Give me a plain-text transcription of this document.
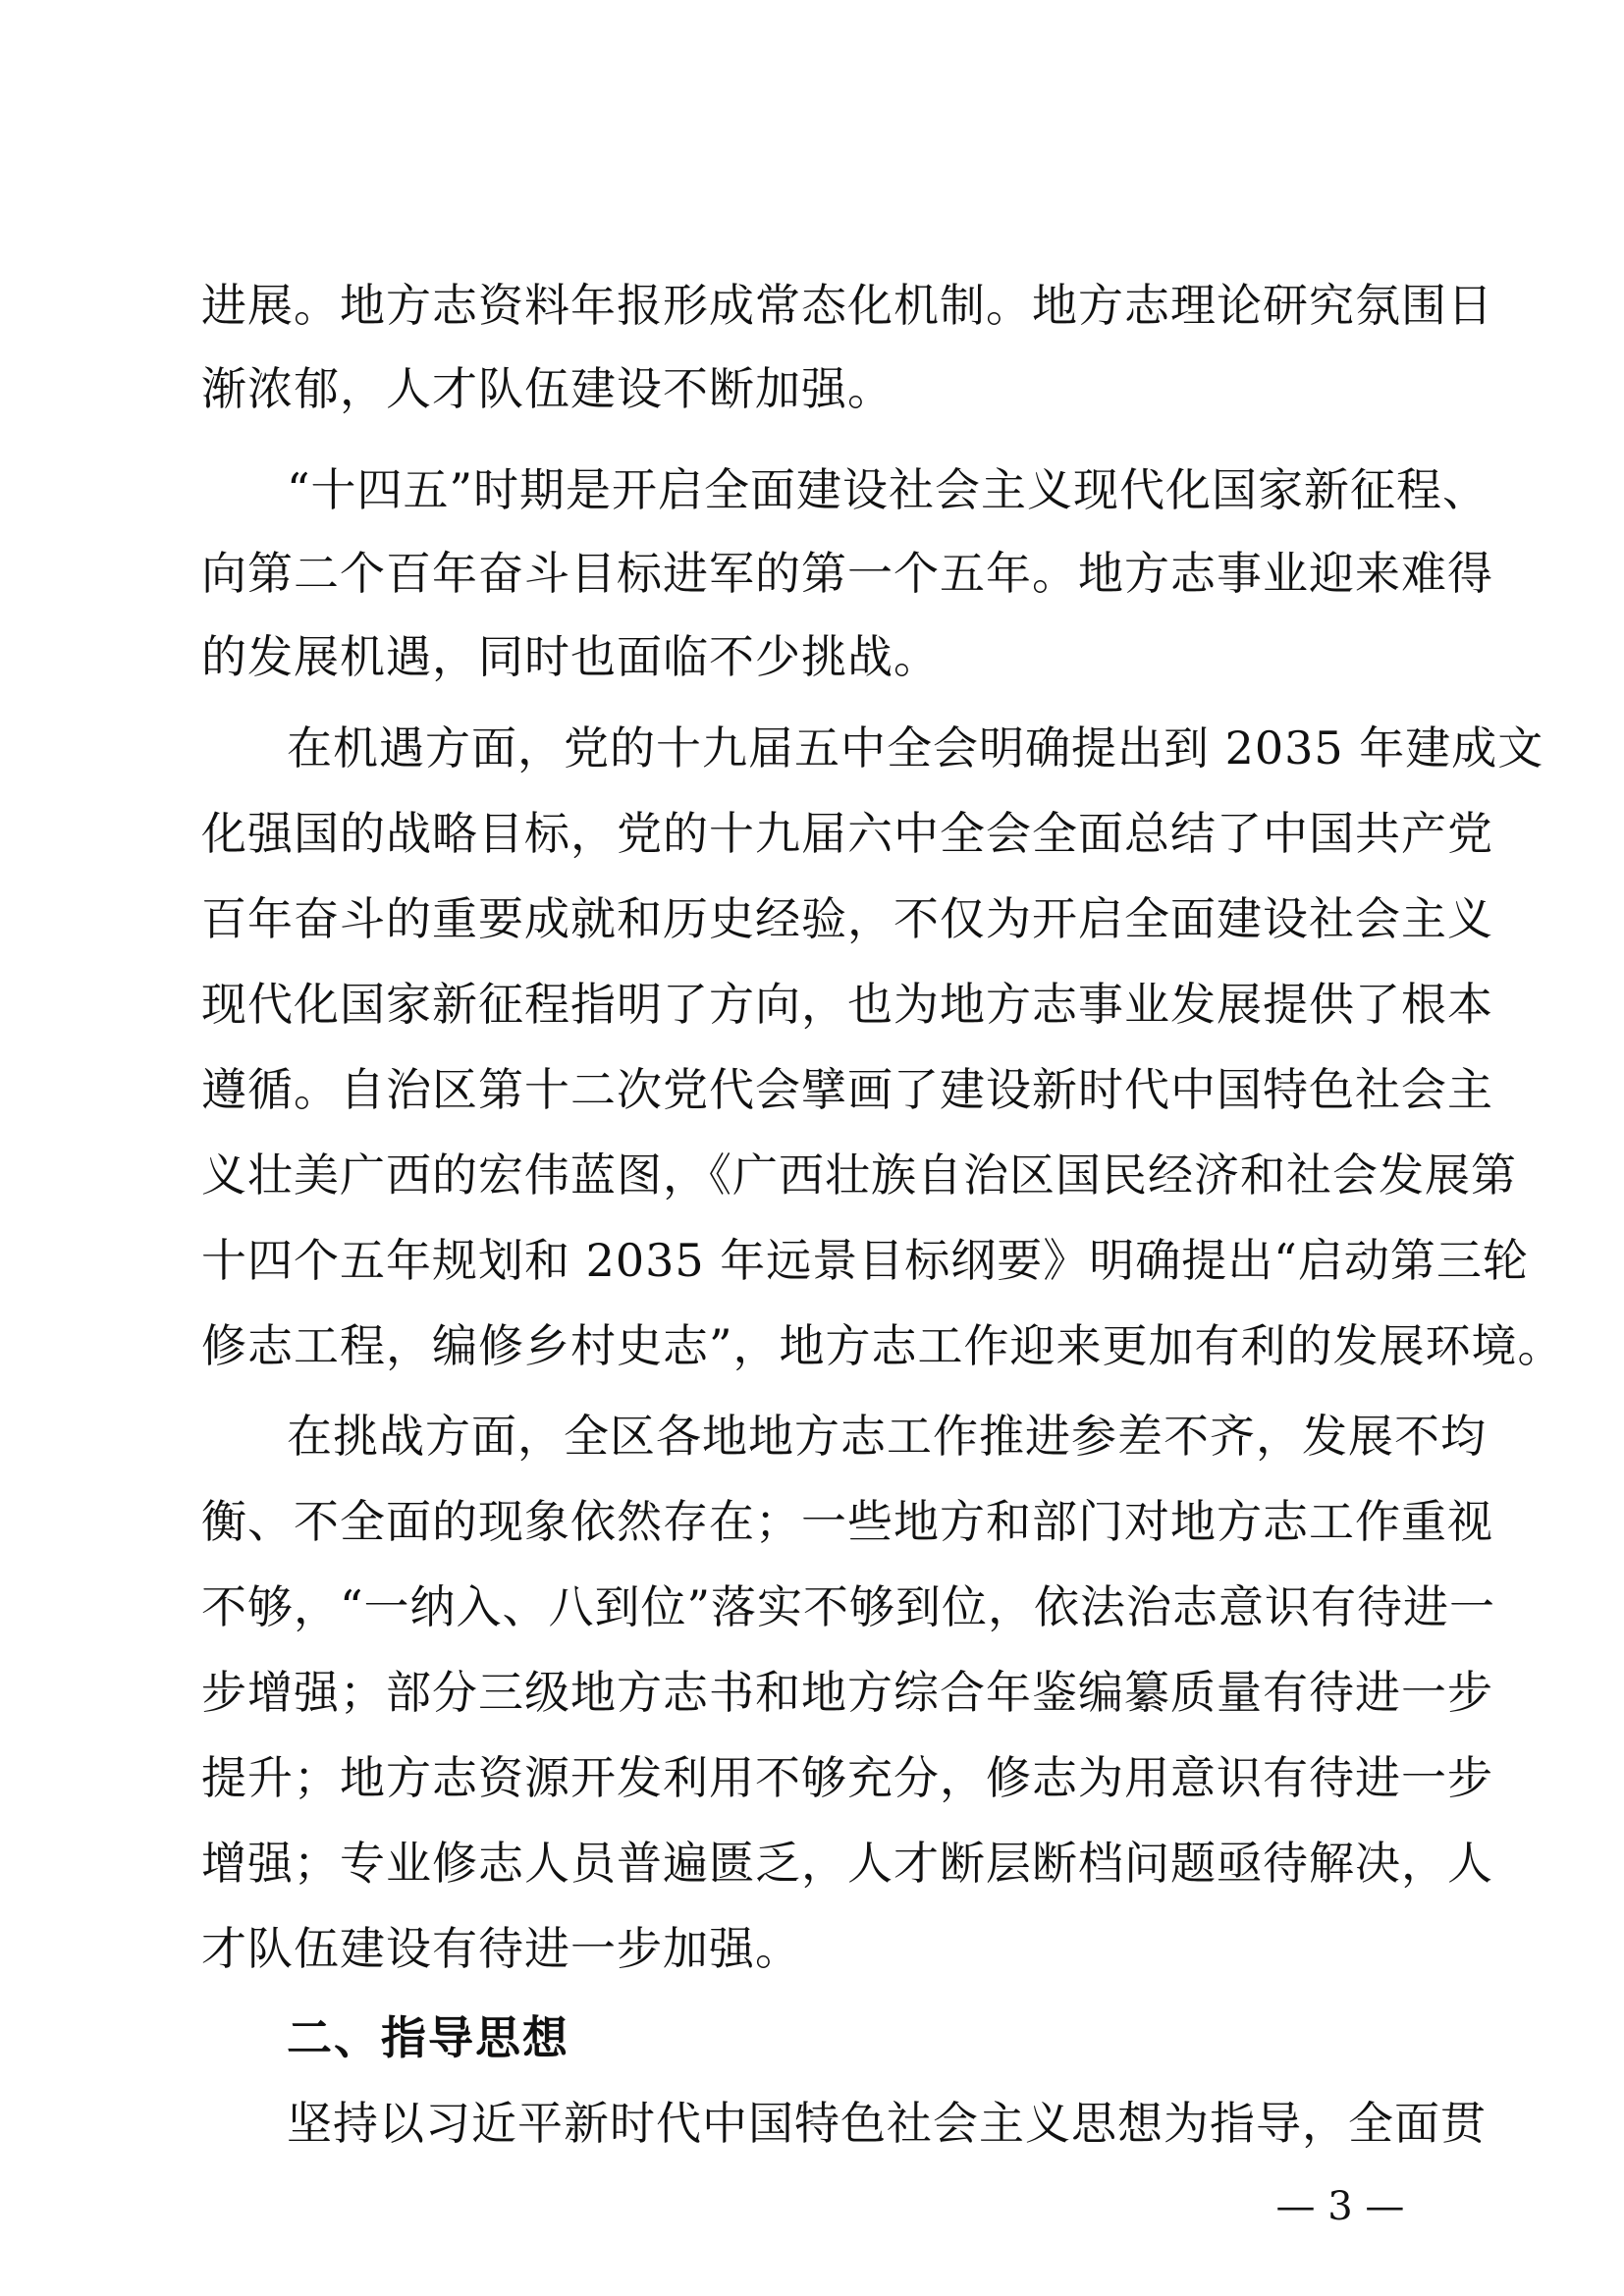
进展。地方志资料年报形成常态化机制。地方志理论研究氛围日
渐浓郁，人才队伍建设不断加强。
“十四五”时期是开启全面建设社会主义现代化国家新征程、
向第二个百年奋斗目标进军的第一个五年。地方志事业迎来难得
的发展机遇，同时也面临不少挑战。
在机遇方面，党的十九届五中全会明确提出到 2035 年建成文
化强国的战略目标，党的十九届六中全会全面总结了中国共产党
百年奋斗的重要成就和历史经验，不仅为开启全面建设社会主义
现代化国家新征程指明了方向，也为地方志事业发展提供了根本
遵循。自治区第十二次党代会擘画了建设新时代中国特色社会主
义壮美广西的宏伟蓝图，《广西壮族自治区国民经济和社会发展第
十四个五年规划和 2035 年远景目标纲要》明确提出“启动第三轮
修志工程，编修乡村史志”，地方志工作迎来更加有利的发展环境。
在挑战方面，全区各地地方志工作推进参差不齐，发展不均
衡、不全面的现象依然存在；一些地方和部门对地方志工作重视
不够，“一纳入、八到位”落实不够到位，依法治志意识有待进一
步增强；部分三级地方志书和地方综合年鉴编纂质量有待进一步
提升；地方志资源开发利用不够充分，修志为用意识有待进一步
增强；专业修志人员普遍匮乏，人才断层断档问题亟待解决，人
才队伍建设有待进一步加强。
二、指导思想
坚持以习近平新时代中国特色社会主义思想为指导，全面贯
— 3 —
